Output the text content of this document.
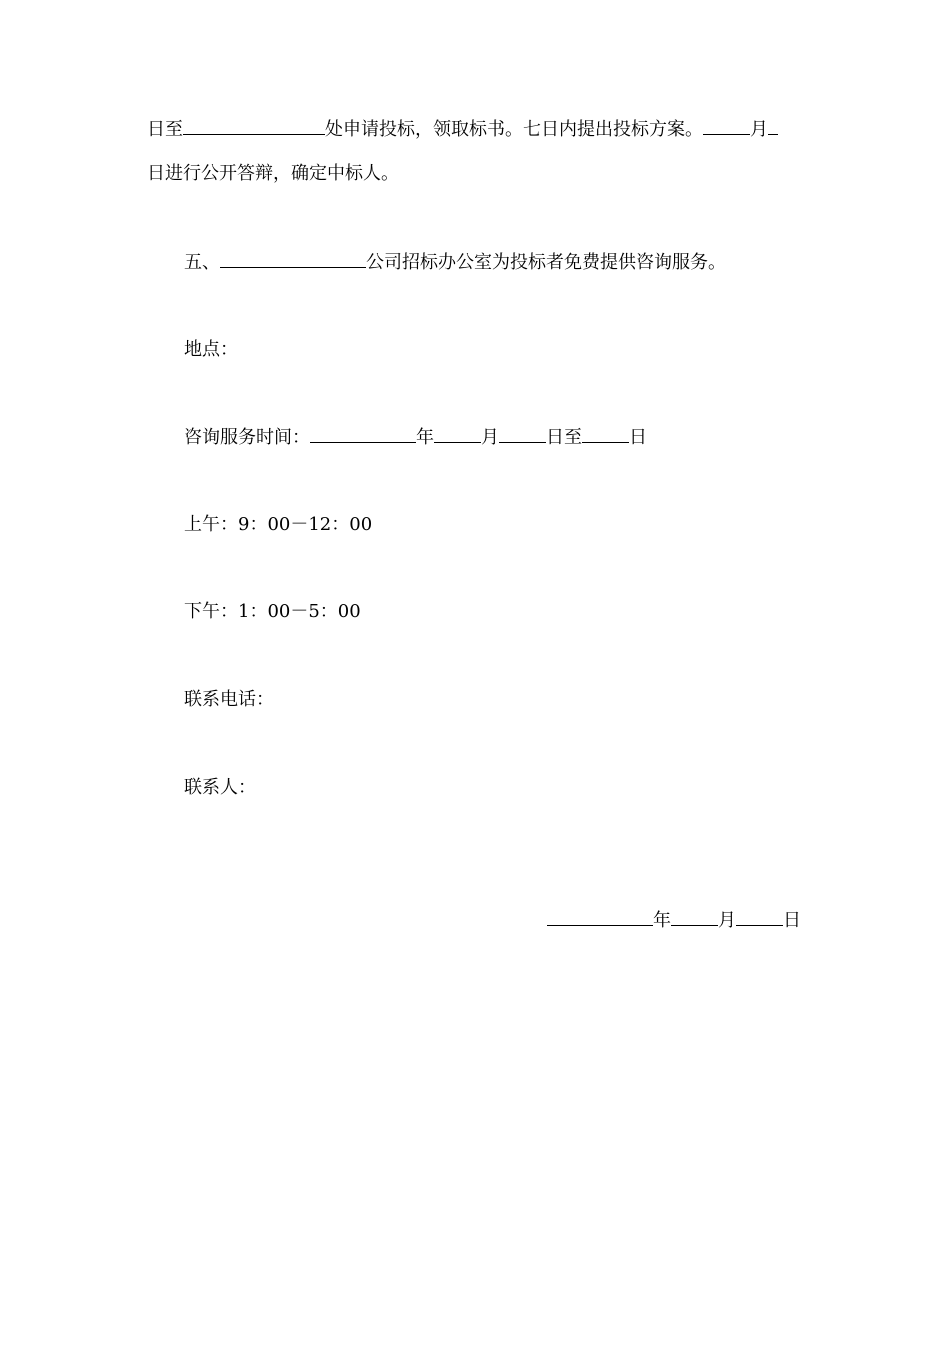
日至	处申请投标，领取标书。七日内提出投标方案。	月
日进行公开答辩，确定中标人。
五、	公司招标办公室为投标者免费提供咨询服务。
地点：
咨询服务时间：	年	月	日至	日
上午：9：00－12：00
下午：1：00－5：00
联系电话：
联系人：
年	月	日
